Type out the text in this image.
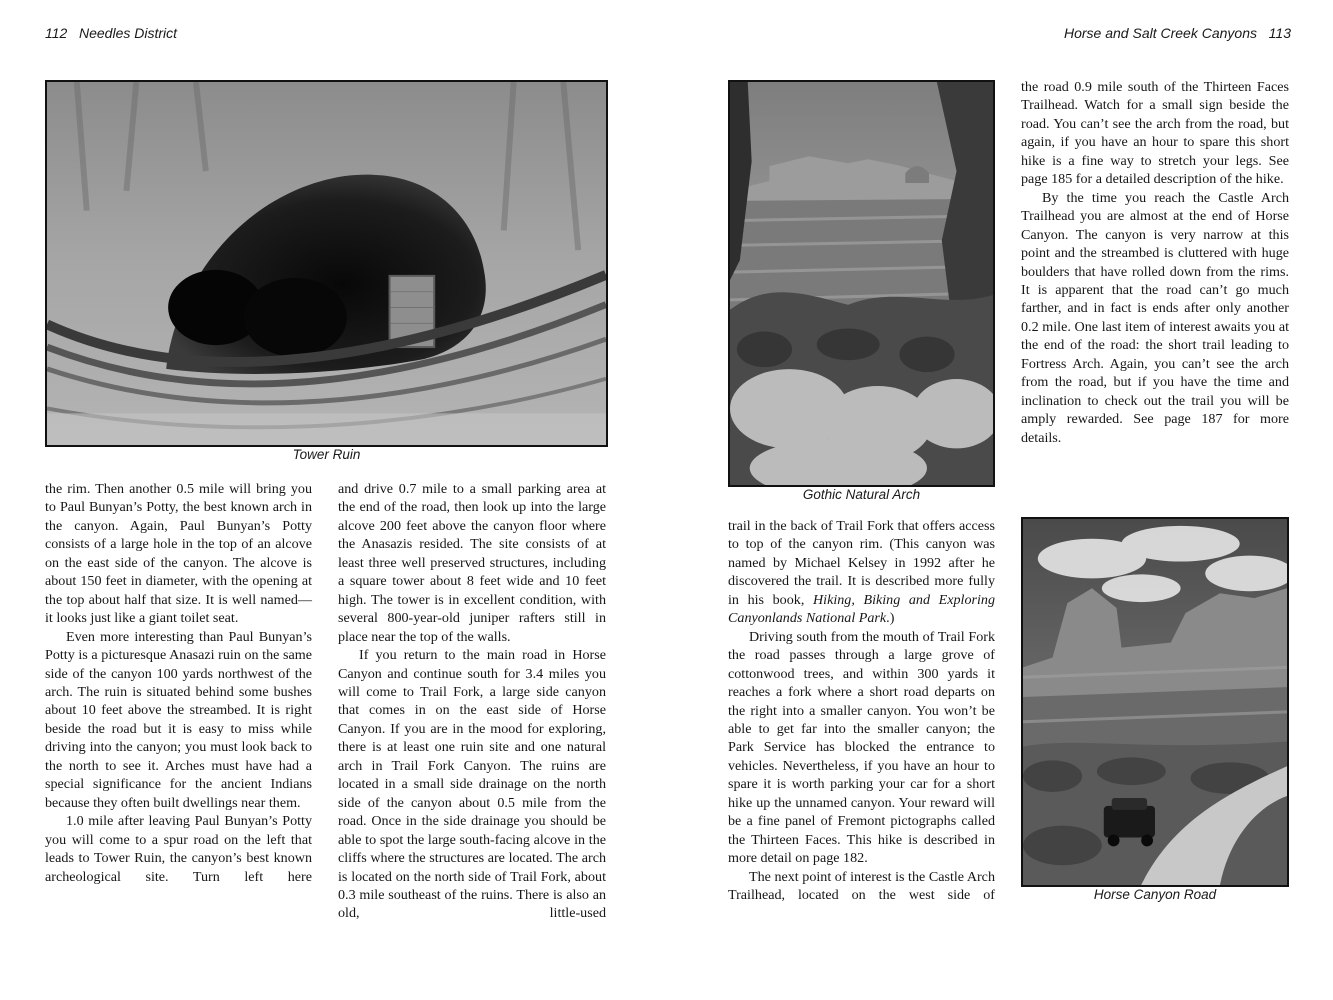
112 Needles District	Horse and Salt Creek Canyons 113
Tower Ruin
Gothic Natural Arch
Horse Canyon Road

the rim. Then another 0.5 mile will bring you to Paul Bunyan’s Potty, the best known arch in the canyon. Again, Paul Bunyan’s Potty consists of a large hole in the top of an alcove on the east side of the canyon. The alcove is about 150 feet in diameter, with the opening at the top about half that size. It is well named—it looks just like a giant toilet seat.

Even more interesting than Paul Bunyan’s Potty is a picturesque Anasazi ruin on the same side of the canyon 100 yards northwest of the arch. The ruin is situated behind some bushes about 10 feet above the streambed. It is right beside the road but it is easy to miss while driving into the canyon; you must look back to the north to see it. Arches must have had a special significance for the ancient Indians because they often built dwellings near them.

1.0 mile after leaving Paul Bunyan’s Potty you will come to a spur road on the left that leads to Tower Ruin, the canyon’s best known archeological site. Turn left here

and drive 0.7 mile to a small parking area at the end of the road, then look up into the large alcove 200 feet above the canyon floor where the Anasazis resided. The site consists of at least three well preserved structures, including a square tower about 8 feet wide and 10 feet high. The tower is in excellent condition, with several 800-year-old juniper rafters still in place near the top of the walls.

If you return to the main road in Horse Canyon and continue south for 3.4 miles you will come to Trail Fork, a large side canyon that comes in on the east side of Horse Canyon. If you are in the mood for exploring, there is at least one ruin site and one natural arch in Trail Fork Canyon. The ruins are located in a small side drainage on the north side of the canyon about 0.5 mile from the road. Once in the side drainage you should be able to spot the large south-facing alcove in the cliffs where the structures are located. The arch is located on the north side of Trail Fork, about 0.3 mile southeast of the ruins. There is also an old, little-used

trail in the back of Trail Fork that offers access to top of the canyon rim. (This canyon was named by Michael Kelsey in 1992 after he discovered the trail. It is described more fully in his book, Hiking, Biking and Exploring Canyonlands National Park.)

Driving south from the mouth of Trail Fork the road passes through a large grove of cottonwood trees, and within 300 yards it reaches a fork where a short road departs on the right into a smaller canyon. You won’t be able to get far into the smaller canyon; the Park Service has blocked the entrance to vehicles. Nevertheless, if you have an hour to spare it is worth parking your car for a short hike up the unnamed canyon. Your reward will be a fine panel of Fremont pictographs called the Thirteen Faces. This hike is described in more detail on page 182.

The next point of interest is the Castle Arch Trailhead, located on the west side of

the road 0.9 mile south of the Thirteen Faces Trailhead. Watch for a small sign beside the road. You can’t see the arch from the road, but again, if you have an hour to spare this short hike is a fine way to stretch your legs. See page 185 for a detailed description of the hike.

By the time you reach the Castle Arch Trailhead you are almost at the end of Horse Canyon. The canyon is very narrow at this point and the streambed is cluttered with huge boulders that have rolled down from the rims. It is apparent that the road can’t go much farther, and in fact is ends after only another 0.2 mile. One last item of interest awaits you at the end of the road: the short trail leading to Fortress Arch. Again, you can’t see the arch from the road, but if you have the time and inclination to check out the trail you will be amply rewarded. See page 187 for more details.
